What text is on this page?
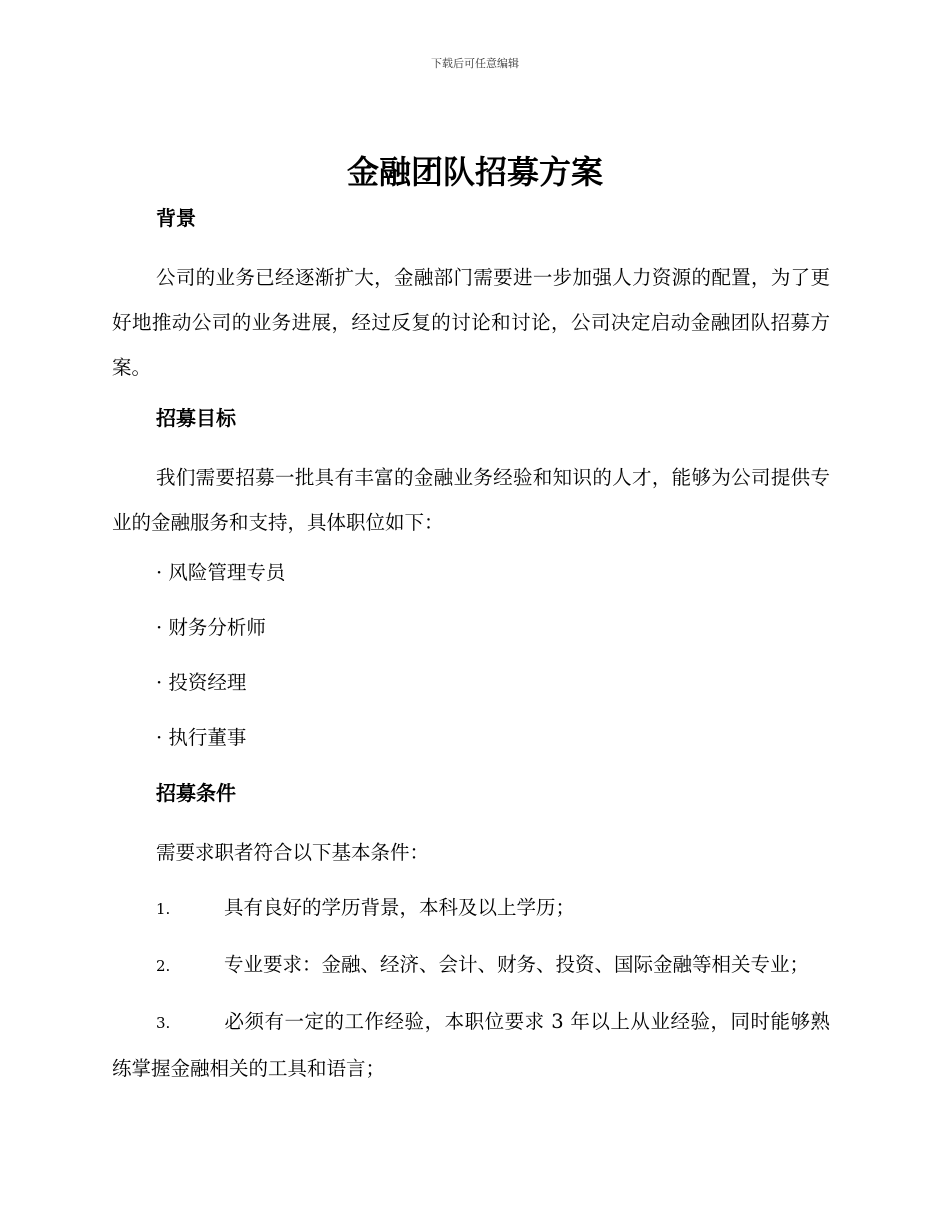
下载后可任意编辑
金融团队招募方案
背景

公司的业务已经逐渐扩大，金融部门需要进一步加强人力资源的配置，为了更好地推动公司的业务进展，经过反复的讨论和讨论，公司决定启动金融团队招募方案。

招募目标

我们需要招募一批具有丰富的金融业务经验和知识的人才，能够为公司提供专业的金融服务和支持，具体职位如下：

· 风险管理专员

· 财务分析师

· 投资经理

· 执行董事

招募条件

需要求职者符合以下基本条件：

1.	具有良好的学历背景，本科及以上学历；

2.	专业要求：金融、经济、会计、财务、投资、国际金融等相关专业；

3.	必须有一定的工作经验，本职位要求 3 年以上从业经验，同时能够熟练掌握金融相关的工具和语言；
